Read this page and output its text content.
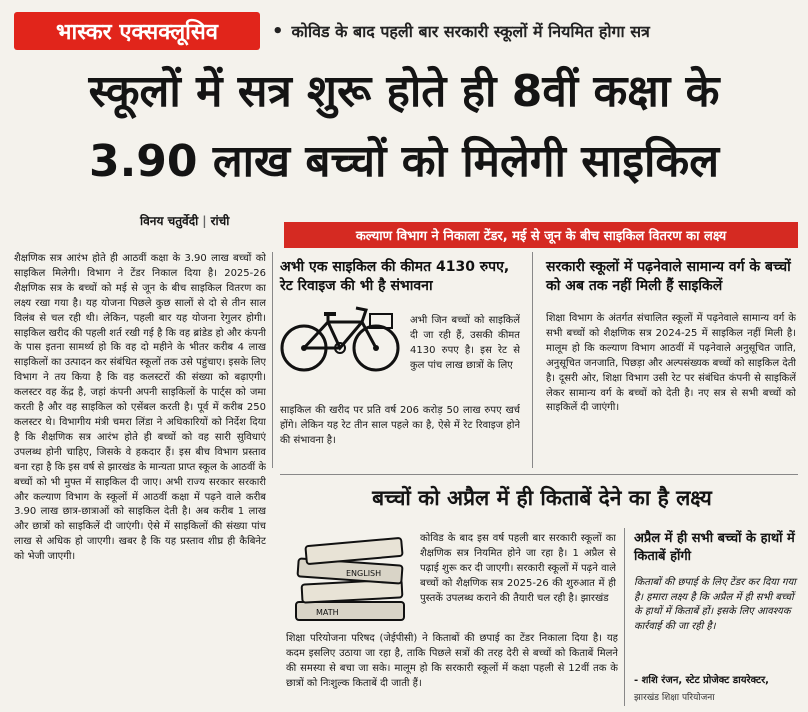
भास्कर एक्सक्लूसिव	• कोविड के बाद पहली बार सरकारी स्कूलों में नियमित होगा सत्र
स्कूलों में सत्र शुरू होते ही 8वीं कक्षा के
3.90 लाख बच्चों को मिलेगी साइकिल
विनय चतुर्वेदी | रांची
कल्याण विभाग ने निकाला टेंडर, मई से जून के बीच साइकिल वितरण का लक्ष्य
शैक्षणिक सत्र आरंभ होते ही आठवीं कक्षा के 3.90 लाख बच्चों को साइकिल मिलेगी। विभाग ने टेंडर निकाल दिया है। 2025-26 शैक्षणिक सत्र के बच्चों को मई से जून के बीच साइकिल वितरण का लक्ष्य रखा गया है। यह योजना पिछले कुछ सालों से दो से तीन साल विलंब से चल रही थी। लेकिन, पहली बार यह योजना रेगुलर होगी। साइकिल खरीद की पहली शर्त रखी गई है कि वह ब्रांडेड हो और कंपनी के पास इतना सामर्थ्य हो कि वह दो महीने के भीतर करीब 4 लाख साइकिलों का उत्पादन कर संबंधित स्कूलों तक उसे पहुंचाए। इसके लिए विभाग ने तय किया है कि वह कलस्टरों की संख्या को बढ़ाएगी। कलस्टर वह केंद्र है, जहां कंपनी अपनी साइकिलों के पार्ट्स को जमा करती है और वह साइकिल को एसेंबल करती है। पूर्व में करीब 250 कलस्टर थे। विभागीय मंत्री चमरा लिंडा ने अधिकारियों को निर्देश दिया है कि शैक्षणिक सत्र आरंभ होते ही बच्चों को वह सारी सुविधाएं उपलब्ध होनी चाहिए, जिसके वे हकदार हैं। इस बीच विभाग प्रस्ताव बना रहा है कि इस वर्ष से झारखंड के मान्यता प्राप्त स्कूल के आठवीं के बच्चों को भी मुफ्त में साइकिल दी जाए। अभी राज्य सरकार सरकारी और कल्याण विभाग के स्कूलों में आठवीं कक्षा में पढ़ने वाले करीब 3.90 लाख छात्र-छात्राओं को साइकिल देती है। अब करीब 1 लाख और छात्रों को साइकिलें दी जाएंगी। ऐसे में साइकिलों की संख्या पांच लाख से अधिक हो जाएगी। खबर है कि यह प्रस्ताव शीघ्र ही कैबिनेट को भेजी जाएगी।
अभी एक साइकिल की कीमत 4130 रुपए, रेट रिवाइज की भी है संभावना
अभी जिन बच्चों को साइकिलें दी जा रही हैं, उसकी कीमत 4130 रुपए है। इस रेट से कुल पांच लाख छात्रों के लिए
साइकिल की खरीद पर प्रति वर्ष 206 करोड़ 50 लाख रुपए खर्च होंगे। लेकिन यह रेट तीन साल पहले का है, ऐसे में रेट रिवाइज होने की संभावना है।
सरकारी स्कूलों में पढ़नेवाले सामान्य वर्ग के बच्चों को अब तक नहीं मिली हैं साइकिलें
शिक्षा विभाग के अंतर्गत संचालित स्कूलों में पढ़नेवाले सामान्य वर्ग के सभी बच्चों को शैक्षणिक सत्र 2024-25 में साइकिल नहीं मिली है। मालूम हो कि कल्याण विभाग आठवीं में पढ़नेवाले अनुसूचित जाति, अनुसूचित जनजाति, पिछड़ा और अल्पसंख्यक बच्चों को साइकिल देती है। दूसरी ओर, शिक्षा विभाग उसी रेट पर संबंधित कंपनी से साइकिलें लेकर सामान्य वर्ग के बच्चों को देती है। नए सत्र से सभी बच्चों को साइकिलें दी जाएंगी।
बच्चों को अप्रैल में ही किताबें देने का है लक्ष्य
ENGLISH
MATH
कोविड के बाद इस वर्ष पहली बार सरकारी स्कूलों का शैक्षणिक सत्र नियमित होने जा रहा है। 1 अप्रैल से पढ़ाई शुरू कर दी जाएगी। सरकारी स्कूलों में पढ़ने वाले बच्चों को शैक्षणिक सत्र 2025-26 की शुरुआत में ही पुस्तकें उपलब्ध कराने की तैयारी चल रही है। झारखंड
शिक्षा परियोजना परिषद (जेईपीसी) ने किताबों की छपाई का टेंडर निकाला दिया है। यह कदम इसलिए उठाया जा रहा है, ताकि पिछले सत्रों की तरह देरी से बच्चों को किताबें मिलने की समस्या से बचा जा सके। मालूम हो कि सरकारी स्कूलों में कक्षा पहली से 12वीं तक के छात्रों को निःशुल्क किताबें दी जाती हैं।
अप्रैल में ही सभी बच्चों के हाथों में किताबें होंगी
किताबों की छपाई के लिए टेंडर कर दिया गया है। हमारा लक्ष्य है कि अप्रैल में ही सभी बच्चों के हाथों में किताबें हों। इसके लिए आवश्यक कार्रवाई की जा रही है।
- शशि रंजन, स्टेट प्रोजेक्ट डायरेक्टर,
झारखंड शिक्षा परियोजना
